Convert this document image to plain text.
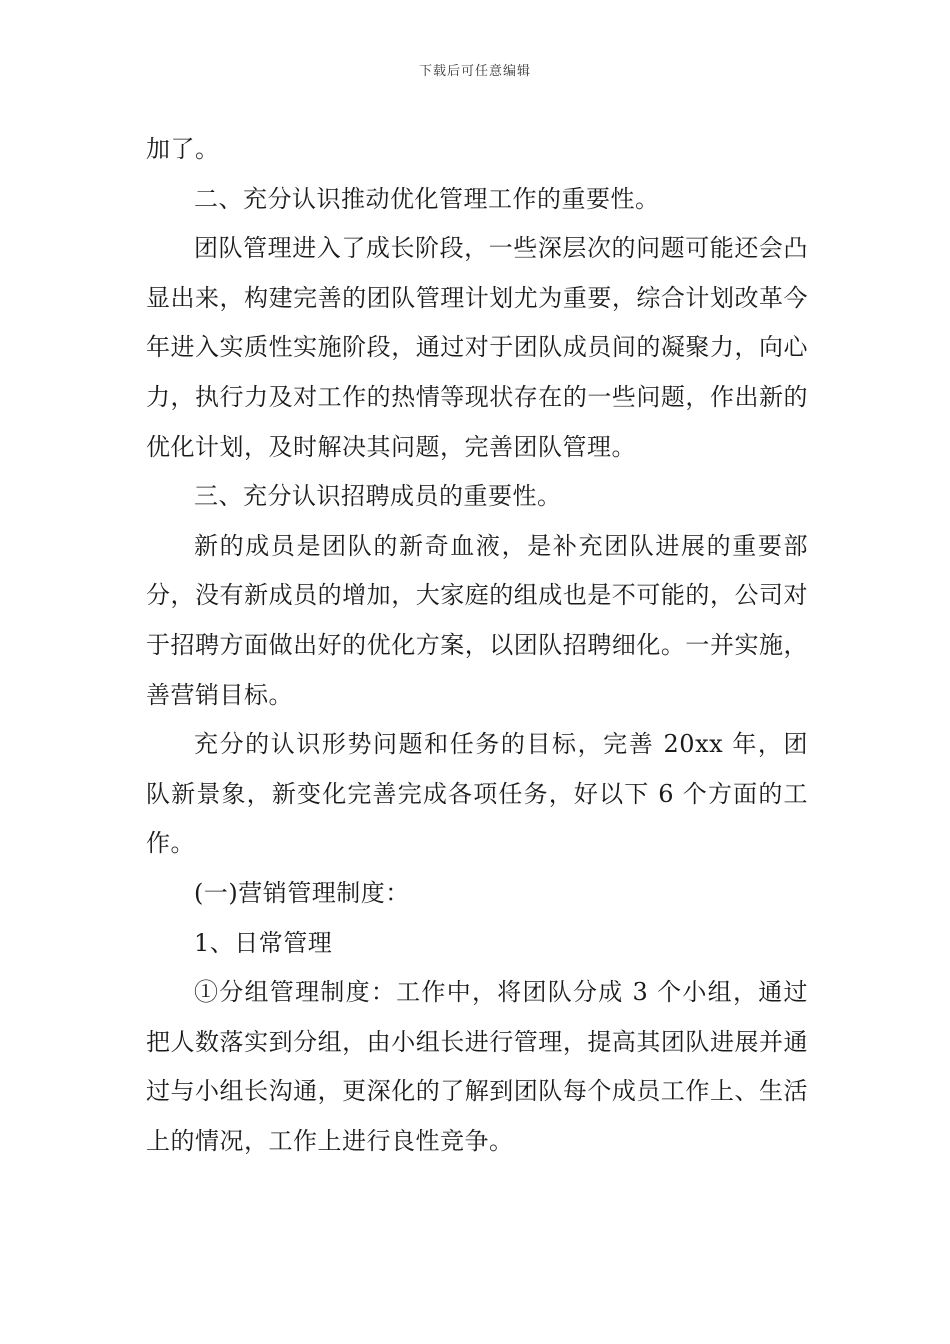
下载后可任意编辑

加了。

二、充分认识推动优化管理工作的重要性。

团队管理进入了成长阶段，一些深层次的问题可能还会凸显出来，构建完善的团队管理计划尤为重要，综合计划改革今年进入实质性实施阶段，通过对于团队成员间的凝聚力，向心力，执行力及对工作的热情等现状存在的一些问题，作出新的优化计划，及时解决其问题，完善团队管理。

三、充分认识招聘成员的重要性。

新的成员是团队的新奇血液，是补充团队进展的重要部分，没有新成员的增加，大家庭的组成也是不可能的，公司对于招聘方面做出好的优化方案，以团队招聘细化。一并实施，善营销目标。

充分的认识形势问题和任务的目标，完善 20xx 年，团队新景象，新变化完善完成各项任务，好以下 6 个方面的工作。

(一)营销管理制度：

1、日常管理

①分组管理制度：工作中，将团队分成 3 个小组，通过把人数落实到分组，由小组长进行管理，提高其团队进展并通过与小组长沟通，更深化的了解到团队每个成员工作上、生活上的情况，工作上进行良性竞争。
